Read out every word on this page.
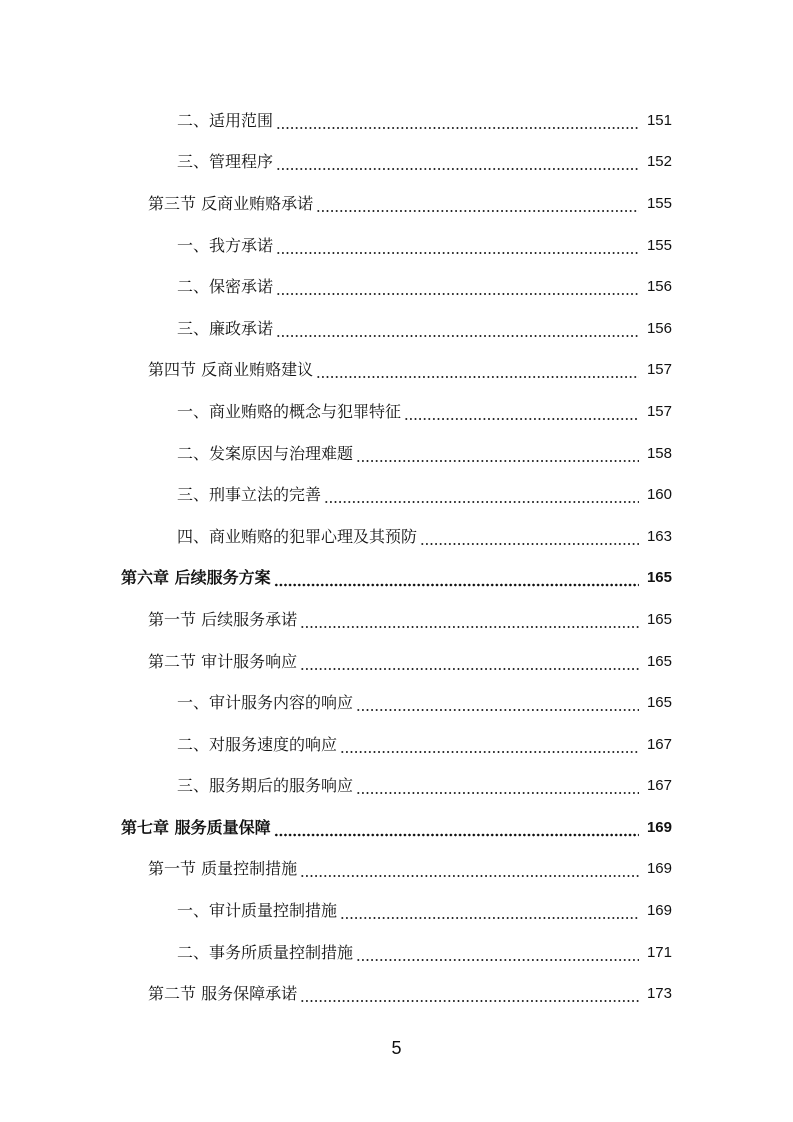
二、适用范围	151
三、管理程序	152
第三节 反商业贿赂承诺	155
一、我方承诺	155
二、保密承诺	156
三、廉政承诺	156
第四节 反商业贿赂建议	157
一、商业贿赂的概念与犯罪特征	157
二、发案原因与治理难题	158
三、刑事立法的完善	160
四、商业贿赂的犯罪心理及其预防	163
第六章 后续服务方案	165
第一节 后续服务承诺	165
第二节 审计服务响应	165
一、审计服务内容的响应	165
二、对服务速度的响应	167
三、服务期后的服务响应	167
第七章 服务质量保障	169
第一节 质量控制措施	169
一、审计质量控制措施	169
二、事务所质量控制措施	171
第二节 服务保障承诺	173
5
